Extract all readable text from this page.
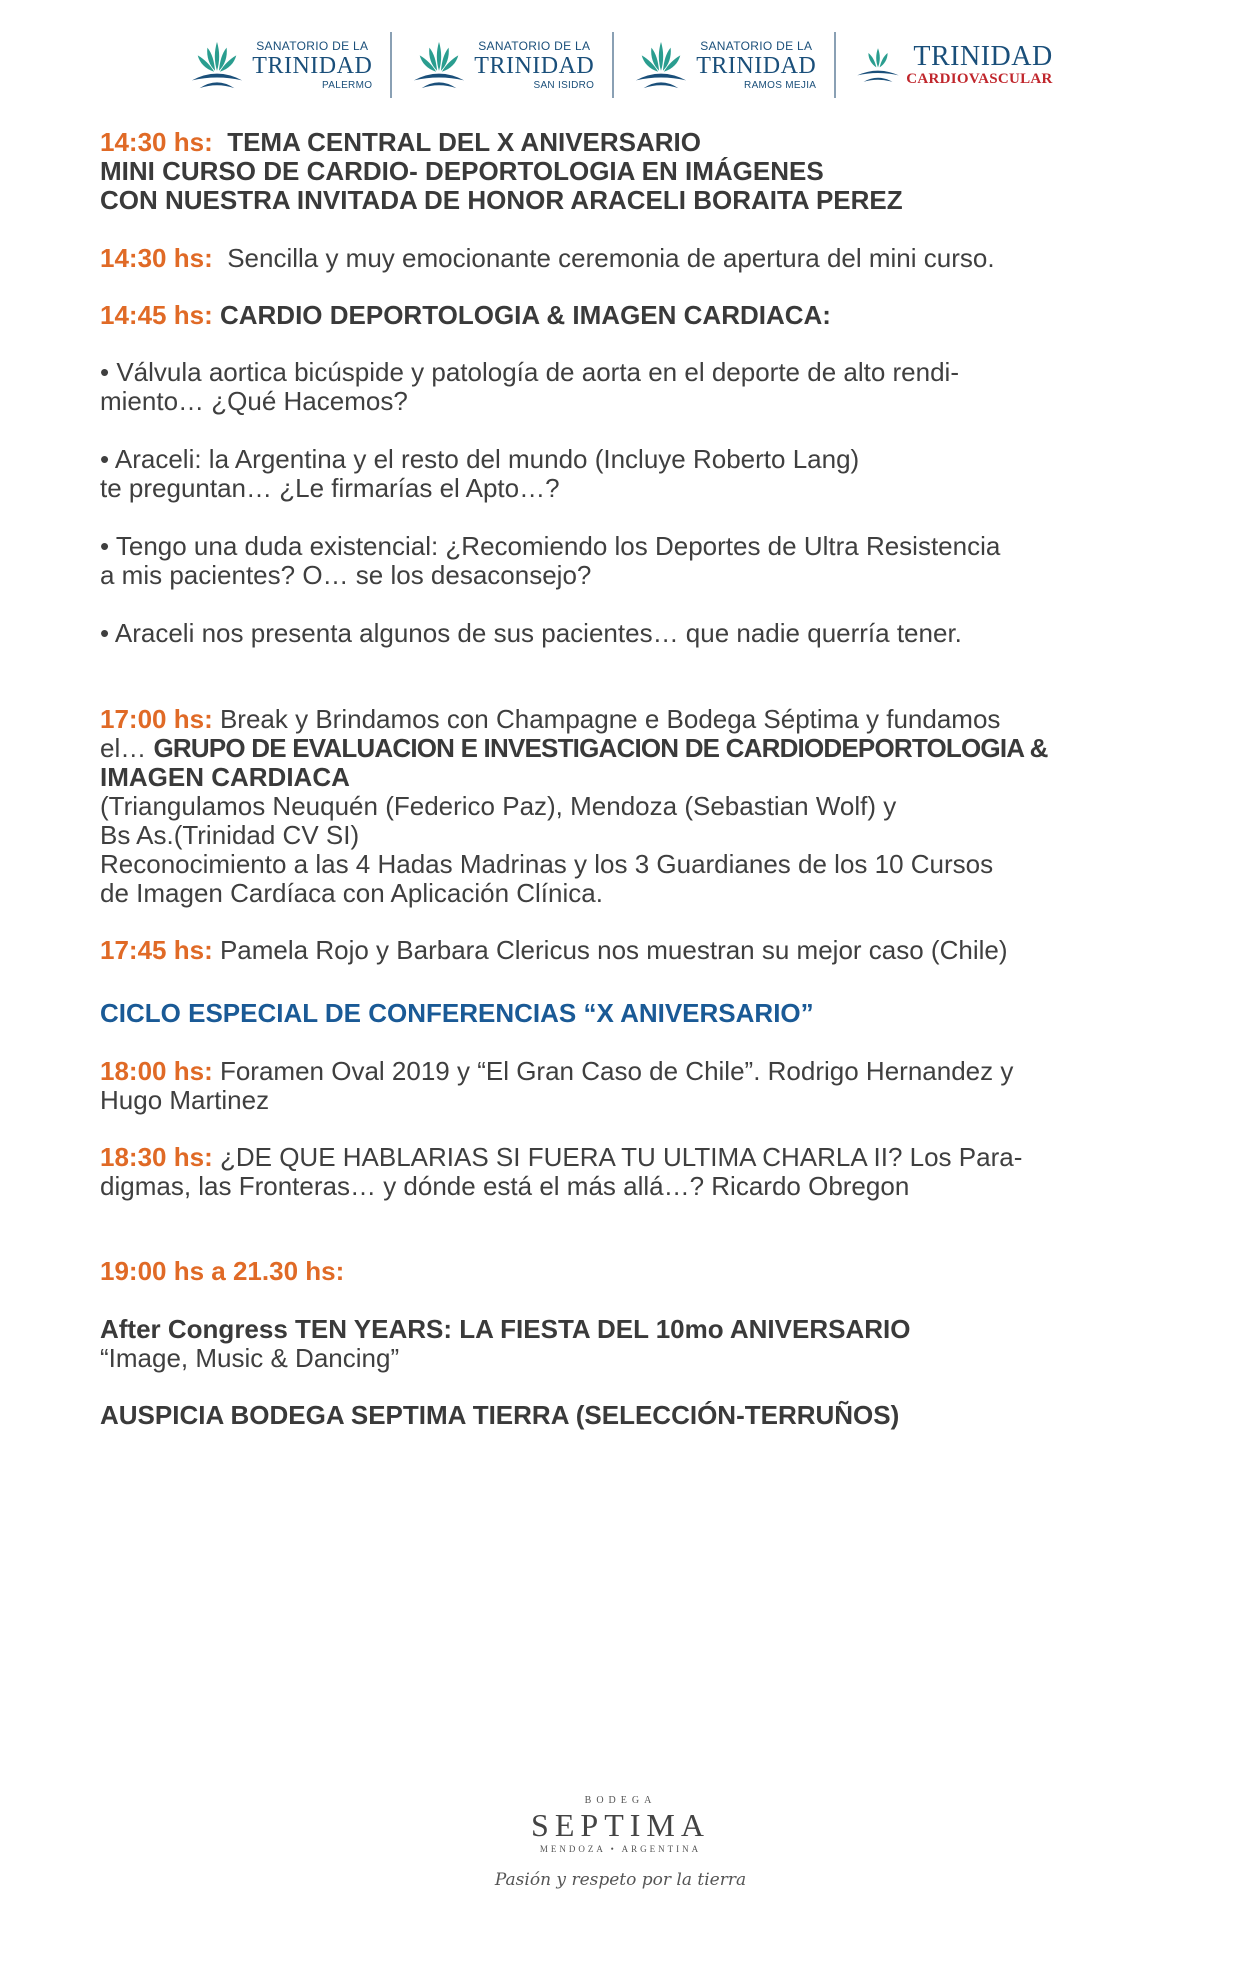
SANATORIO DE LA
TRINIDAD
PALERMO
SANATORIO DE LA
TRINIDAD
SAN ISIDRO
SANATORIO DE LA
TRINIDAD
RAMOS MEJIA
TRINIDAD
CARDIOVASCULAR
14:30 hs: TEMA CENTRAL DEL X ANIVERSARIO
MINI CURSO DE CARDIO- DEPORTOLOGIA EN IMÁGENES
CON NUESTRA INVITADA DE HONOR ARACELI BORAITA PEREZ
14:30 hs: Sencilla y muy emocionante ceremonia de apertura del mini curso.
14:45 hs: CARDIO DEPORTOLOGIA & IMAGEN CARDIACA:
• Válvula aortica bicúspide y patología de aorta en el deporte de alto rendi-
miento… ¿Qué Hacemos?
• Araceli: la Argentina y el resto del mundo (Incluye Roberto Lang)
te preguntan… ¿Le firmarías el Apto…?
• Tengo una duda existencial: ¿Recomiendo los Deportes de Ultra Resistencia
a mis pacientes? O… se los desaconsejo?
• Araceli nos presenta algunos de sus pacientes… que nadie querría tener.
17:00 hs: Break y Brindamos con Champagne e Bodega Séptima y fundamos
el… GRUPO DE EVALUACION E INVESTIGACION DE CARDIODEPORTOLOGIA &
IMAGEN CARDIACA
(Triangulamos Neuquén (Federico Paz), Mendoza (Sebastian Wolf) y
Bs As.(Trinidad CV SI)
Reconocimiento a las 4 Hadas Madrinas y los 3 Guardianes de los 10 Cursos
de Imagen Cardíaca con Aplicación Clínica.
17:45 hs: Pamela Rojo y Barbara Clericus nos muestran su mejor caso (Chile)
CICLO ESPECIAL DE CONFERENCIAS “X ANIVERSARIO”
18:00 hs: Foramen Oval 2019 y “El Gran Caso de Chile”. Rodrigo Hernandez y
Hugo Martinez
18:30 hs: ¿DE QUE HABLARIAS SI FUERA TU ULTIMA CHARLA II? Los Para-
digmas, las Fronteras… y dónde está el más allá…? Ricardo Obregon
19:00 hs a 21.30 hs:
After Congress TEN YEARS: LA FIESTA DEL 10mo ANIVERSARIO
“Image, Music & Dancing”
AUSPICIA BODEGA SEPTIMA TIERRA (SELECCIÓN-TERRUÑOS)
BODEGA
SEPTIMA
MENDOZA • ARGENTINA
Pasión y respeto por la tierra
